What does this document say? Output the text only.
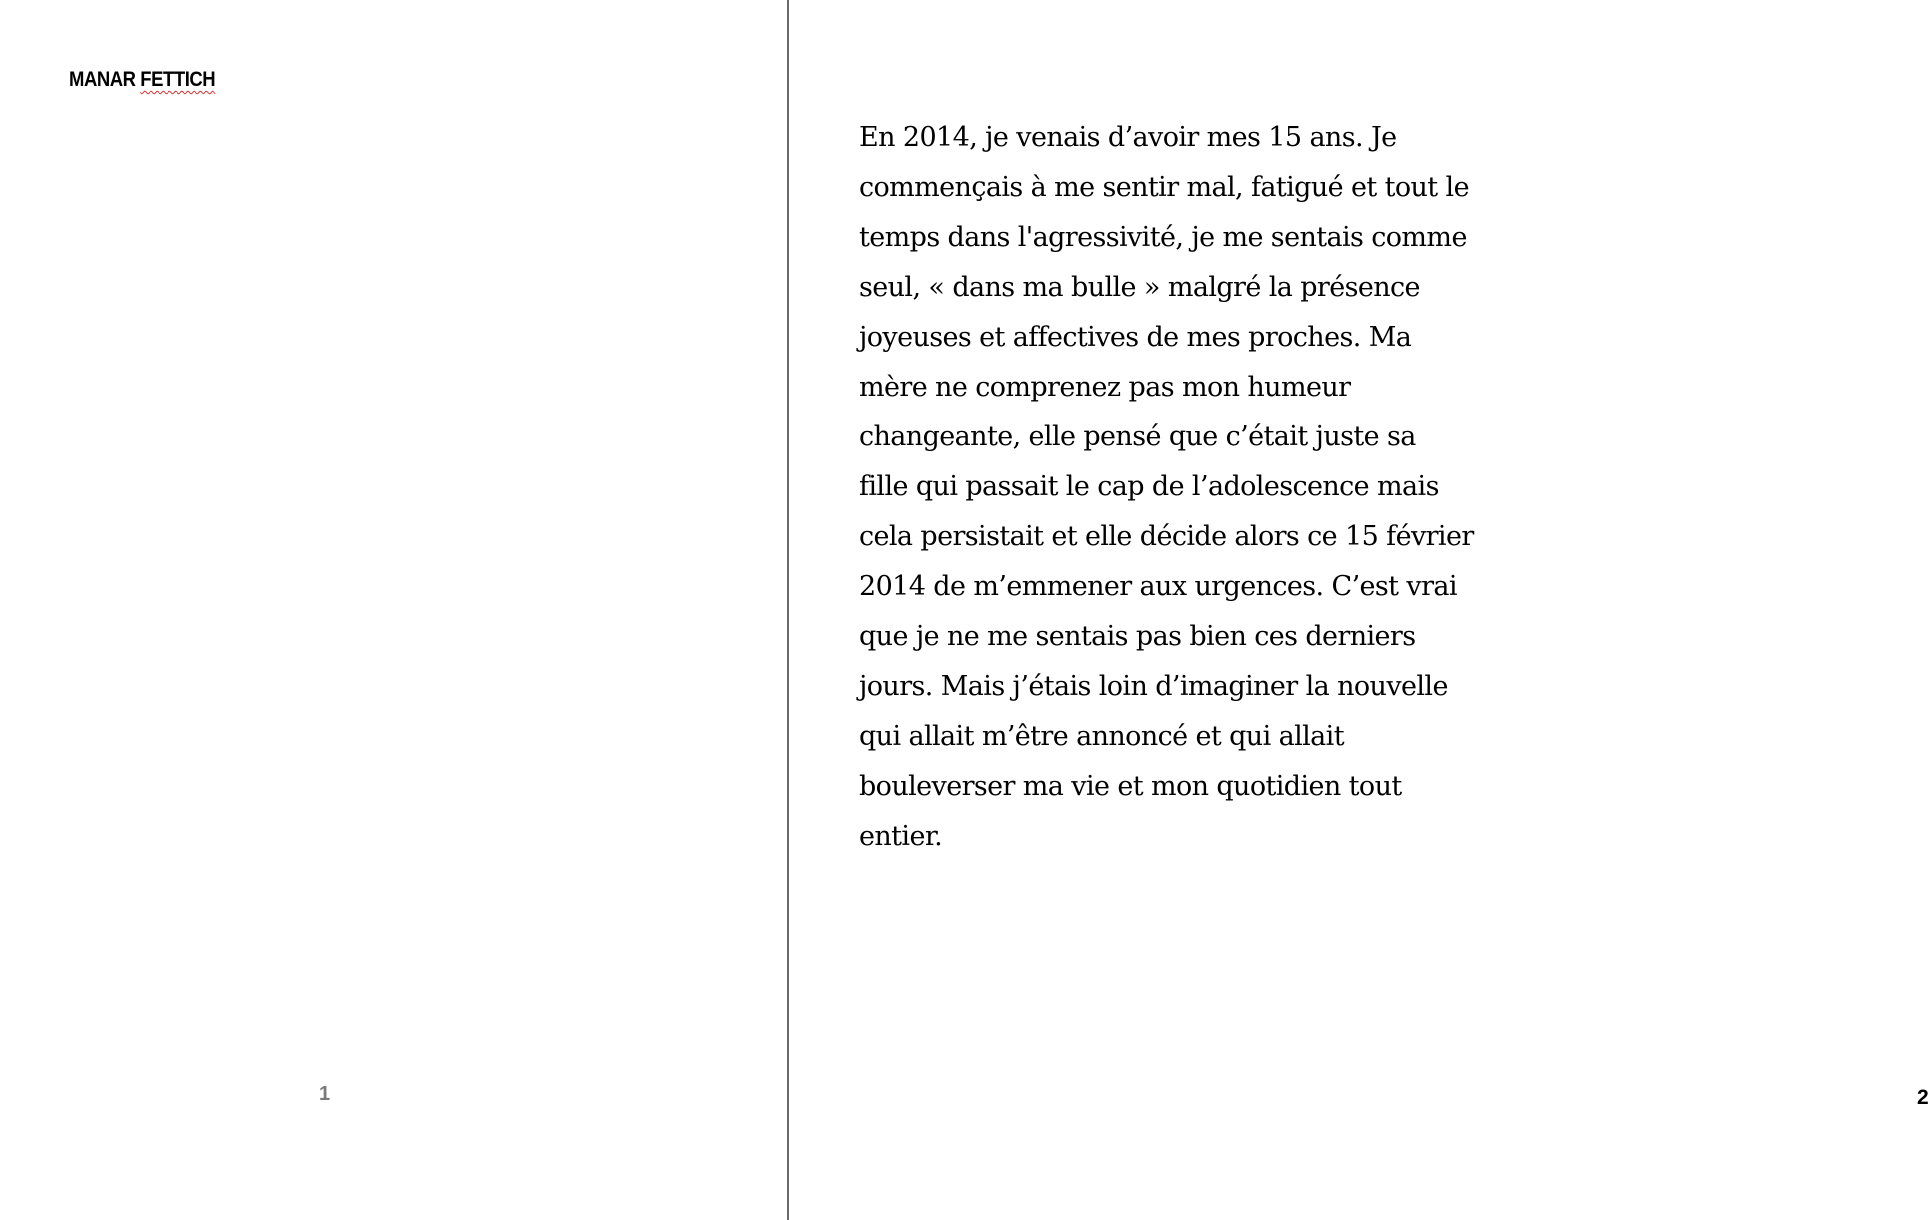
MANAR FETTICH
1	2

En 2014, je venais d’avoir mes 15 ans. Je
commençais à me sentir mal, fatigué et tout le
temps dans l'agressivité, je me sentais comme
seul, « dans ma bulle » malgré la présence
joyeuses et affectives de mes proches. Ma
mère ne comprenez pas mon humeur
changeante, elle pensé que c’était juste sa
fille qui passait le cap de l’adolescence mais
cela persistait et elle décide alors ce 15 février
2014 de m’emmener aux urgences. C’est vrai
que je ne me sentais pas bien ces derniers
jours. Mais j’étais loin d’imaginer la nouvelle
qui allait m’être annoncé et qui allait
bouleverser ma vie et mon quotidien tout
entier.
